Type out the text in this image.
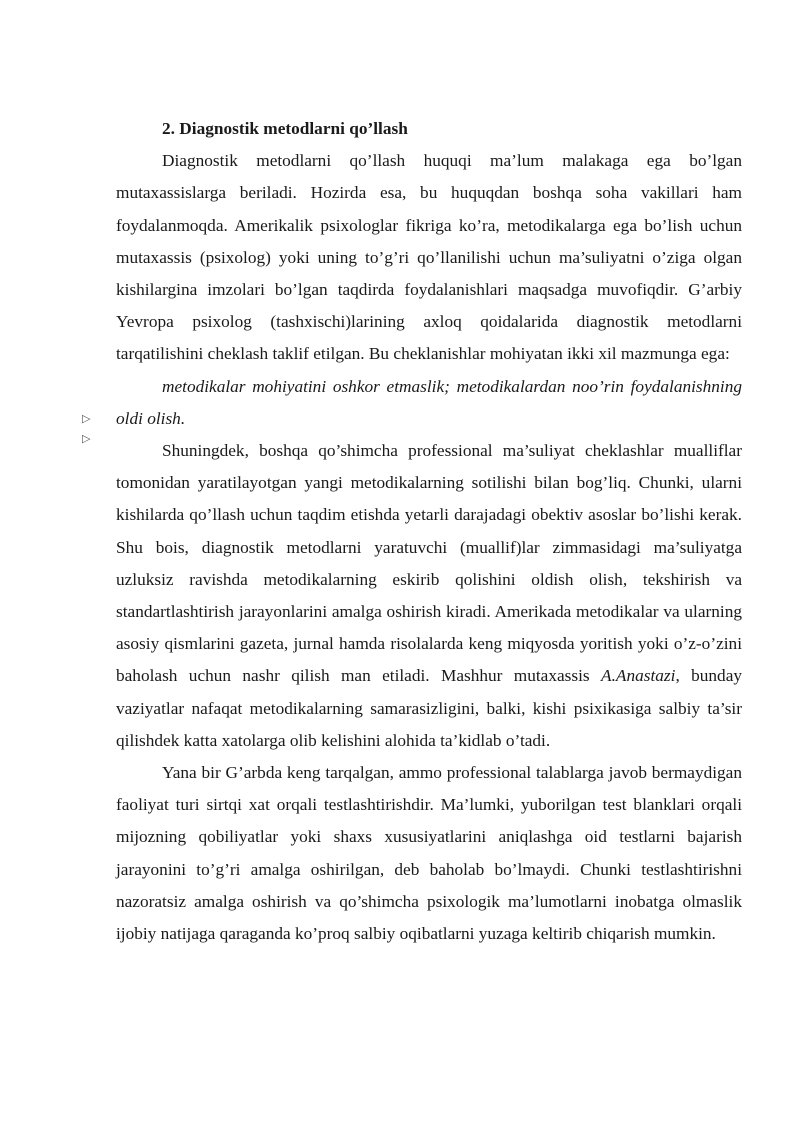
▷
▷
2. Diagnostik metodlarni qo’llash

Diagnostik metodlarni qo’llash huquqi ma’lum malakaga ega bo’lgan mutaxassislarga beriladi. Hozirda esa, bu huquqdan boshqa soha vakillari ham foydalanmoqda. Amerikalik psixologlar fikriga ko’ra, metodikalarga ega bo’lish uchun mutaxassis (psixolog) yoki uning to’g’ri qo’llanilishi uchun ma’suliyatni o’ziga olgan kishilargina imzolari bo’lgan taqdirda foydalanishlari maqsadga muvofiqdir. G’arbiy Yevropa psixolog (tashxischi)larining axloq qoidalarida diagnostik metodlarni tarqatilishini cheklash taklif etilgan. Bu cheklanishlar mohiyatan ikki xil mazmunga ega:

metodikalar mohiyatini oshkor etmaslik; metodikalardan noo’rin foydalanishning oldi olish.

Shuningdek, boshqa qo’shimcha professional ma’suliyat cheklashlar mualliflar tomonidan yaratilayotgan yangi metodikalarning sotilishi bilan bog’liq. Chunki, ularni kishilarda qo’llash uchun taqdim etishda yetarli darajadagi obektiv asoslar bo’lishi kerak. Shu bois, diagnostik metodlarni yaratuvchi (muallif)lar zimmasidagi ma’suliyatga uzluksiz ravishda metodikalarning eskirib qolishini oldish olish, tekshirish va standartlashtirish jarayonlarini amalga oshirish kiradi. Amerikada metodikalar va ularning asosiy qismlarini gazeta, jurnal hamda risolalarda keng miqyosda yoritish yoki o’z-o’zini baholash uchun nashr qilish man etiladi. Mashhur mutaxassis A.Anastazi, bunday vaziyatlar nafaqat metodikalarning samarasizligini, balki, kishi psixikasiga salbiy ta’sir qilishdek katta xatolarga olib kelishini alohida ta’kidlab o’tadi.

Yana bir G’arbda keng tarqalgan, ammo professional talablarga javob bermaydigan faoliyat turi sirtqi xat orqali testlashtirishdir. Ma’lumki, yuborilgan test blanklari orqali mijozning qobiliyatlar yoki shaxs xususiyatlarini aniqlashga oid testlarni bajarish jarayonini to’g’ri amalga oshirilgan, deb baholab bo’lmaydi. Chunki testlashtirishni nazoratsiz amalga oshirish va qo’shimcha psixologik ma’lumotlarni inobatga olmaslik ijobiy natijaga qaraganda ko’proq salbiy oqibatlarni yuzaga keltirib chiqarish mumkin.
